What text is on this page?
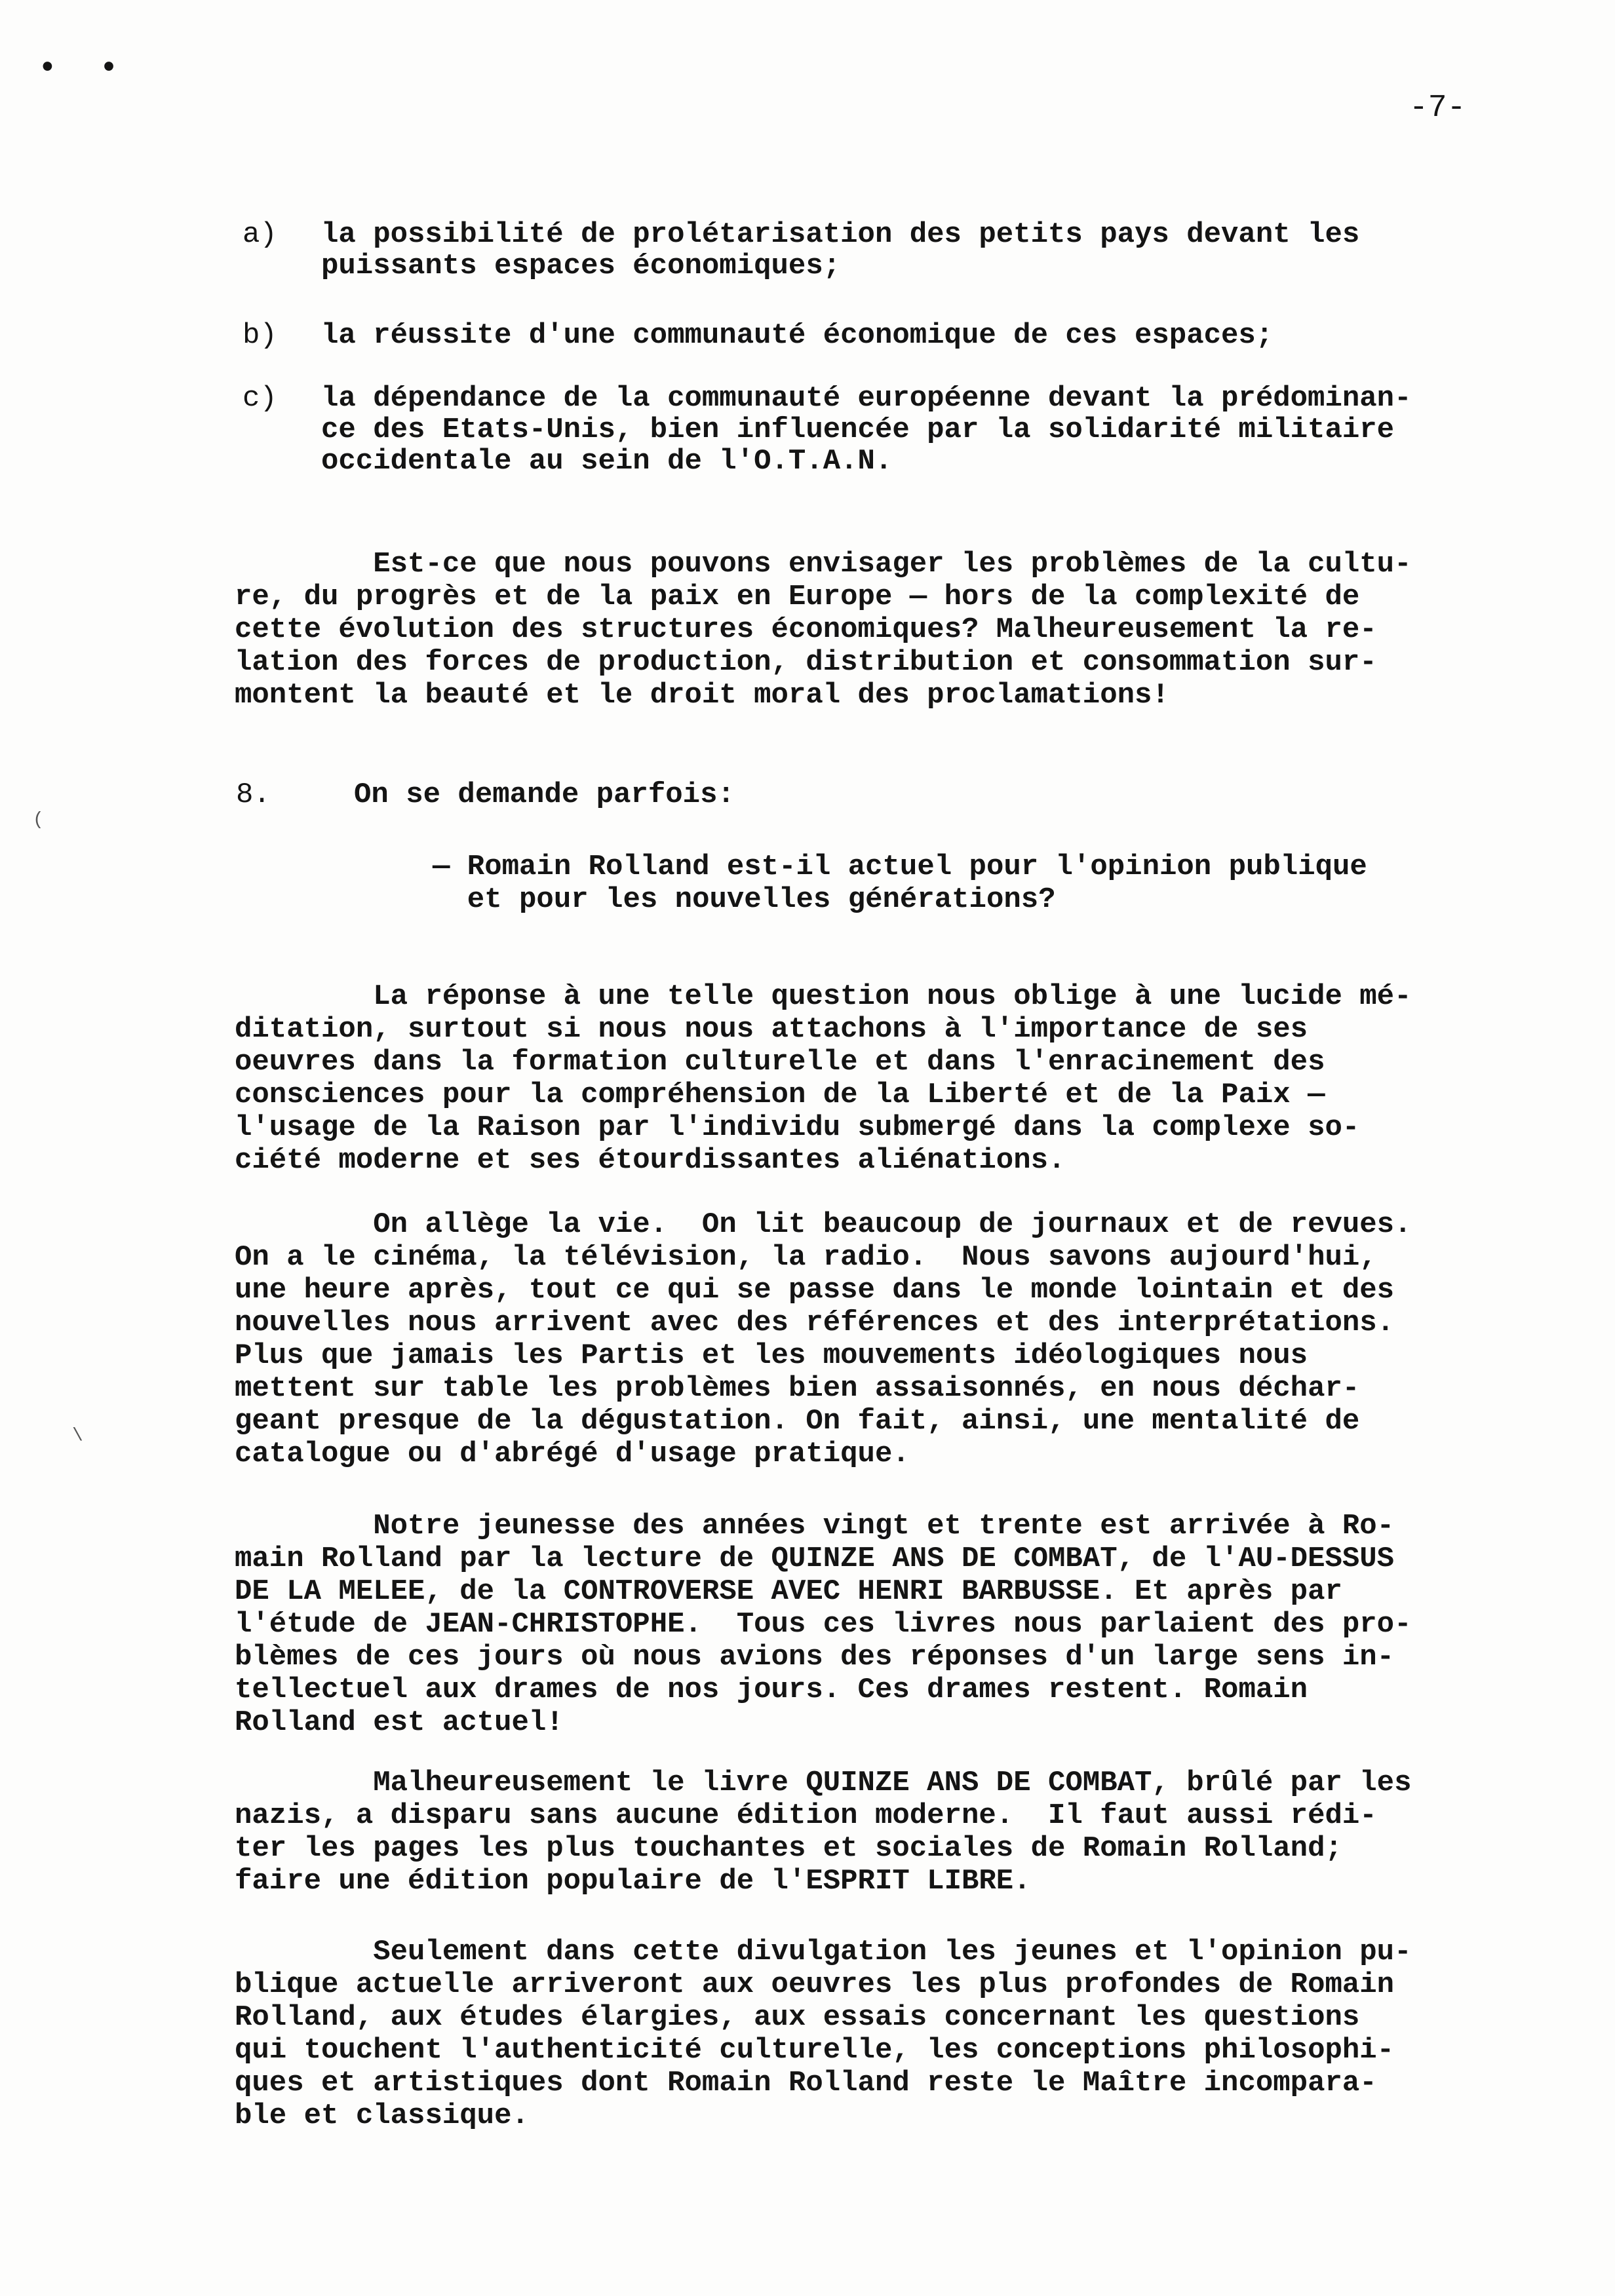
• •
-7-
a) la possibilité de prolétarisation des petits pays devant les
puissants espaces économiques;
b) la réussite d'une communauté économique de ces espaces;
c) la dépendance de la communauté européenne devant la prédominan-
ce des Etats-Unis, bien influencée par la solidarité militaire
occidentale au sein de l'O.T.A.N.
Est-ce que nous pouvons envisager les problèmes de la cultu-
re, du progrès et de la paix en Europe — hors de la complexité de
cette évolution des structures économiques? Malheureusement la re-
lation des forces de production, distribution et consommation sur-
montent la beauté et le droit moral des proclamations!
8.	On se demande parfois:
(
— Romain Rolland est-il actuel pour l'opinion publique
et pour les nouvelles générations?
La réponse à une telle question nous oblige à une lucide mé-
ditation, surtout si nous nous attachons à l'importance de ses
oeuvres dans la formation culturelle et dans l'enracinement des
consciences pour la compréhension de la Liberté et de la Paix —
l'usage de la Raison par l'individu submergé dans la complexe so-
ciété moderne et ses étourdissantes aliénations.
On allège la vie.  On lit beaucoup de journaux et de revues.
On a le cinéma, la télévision, la radio.  Nous savons aujourd'hui,
une heure après, tout ce qui se passe dans le monde lointain et des
nouvelles nous arrivent avec des références et des interprétations.
Plus que jamais les Partis et les mouvements idéologiques nous
mettent sur table les problèmes bien assaisonnés, en nous déchar-
geant presque de la dégustation. On fait, ainsi, une mentalité de
catalogue ou d'abrégé d'usage pratique.
\
Notre jeunesse des années vingt et trente est arrivée à Ro-
main Rolland par la lecture de QUINZE ANS DE COMBAT, de l'AU-DESSUS
DE LA MELEE, de la CONTROVERSE AVEC HENRI BARBUSSE. Et après par
l'étude de JEAN-CHRISTOPHE.  Tous ces livres nous parlaient des pro-
blèmes de ces jours où nous avions des réponses d'un large sens in-
tellectuel aux drames de nos jours. Ces drames restent. Romain
Rolland est actuel!
Malheureusement le livre QUINZE ANS DE COMBAT, brûlé par les
nazis, a disparu sans aucune édition moderne.  Il faut aussi rédi-
ter les pages les plus touchantes et sociales de Romain Rolland;
faire une édition populaire de l'ESPRIT LIBRE.
Seulement dans cette divulgation les jeunes et l'opinion pu-
blique actuelle arriveront aux oeuvres les plus profondes de Romain
Rolland, aux études élargies, aux essais concernant les questions
qui touchent l'authenticité culturelle, les conceptions philosophi-
ques et artistiques dont Romain Rolland reste le Maître incompara-
ble et classique.
